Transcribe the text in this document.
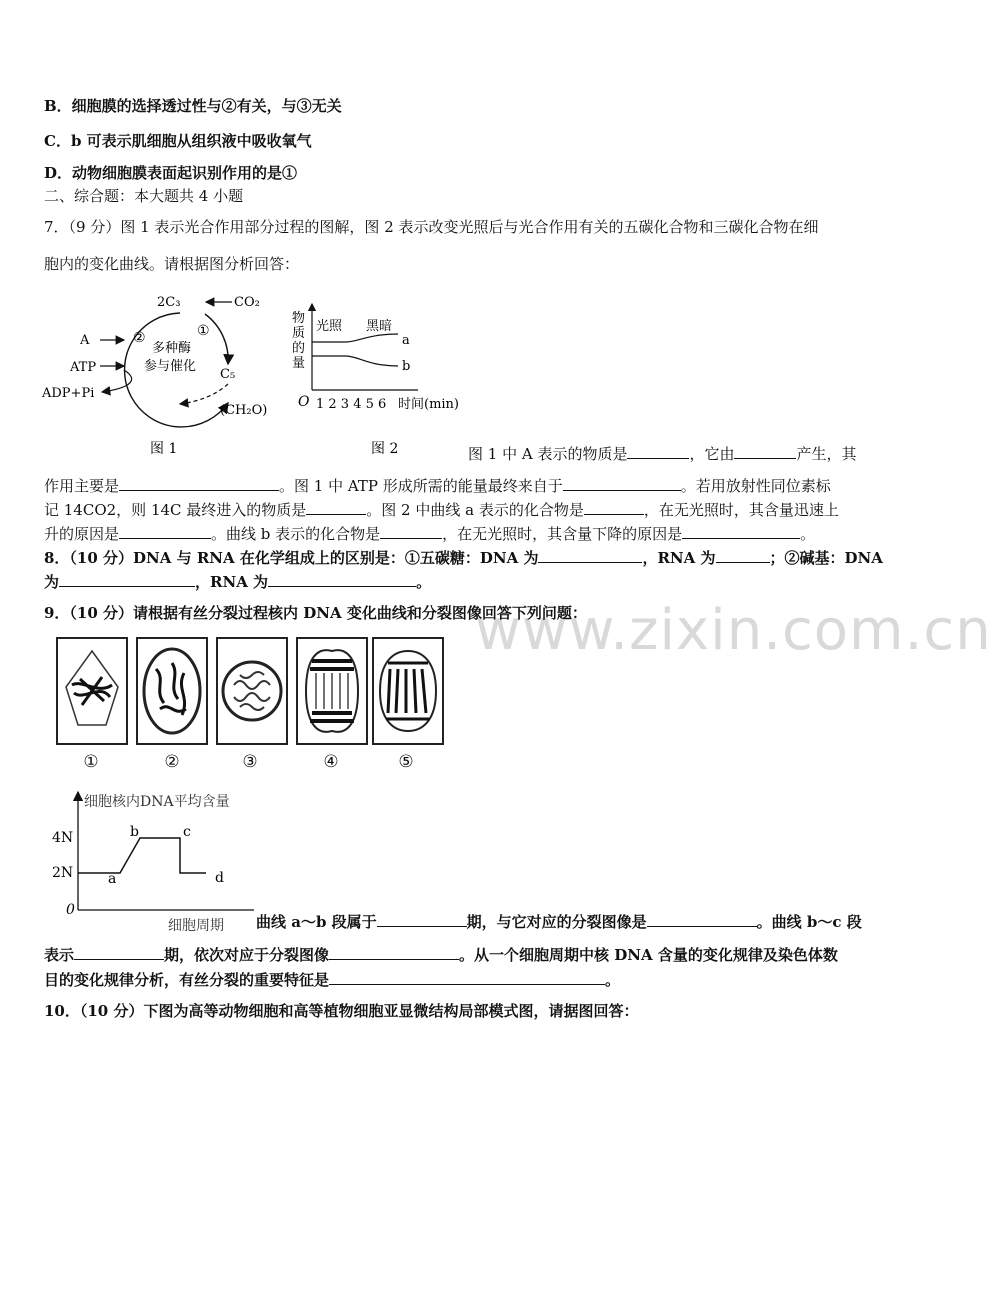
www.zixin.com.cn
B．细胞膜的选择透过性与②有关，与③无关
C．b 可表示肌细胞从组织液中吸收氧气
D．动物细胞膜表面起识别作用的是①
二、综合题：本大题共 4 小题
7．（9 分）图 1 表示光合作用部分过程的图解，图 2 表示改变光照后与光合作用有关的五碳化合物和三碳化合物在细
胞内的变化曲线。请根据图分析回答：
2C₃	CO₂
②	①
A
ATP
ADP+Pi
多种酶
参与催化
C₅
(CH₂O)
图 1
物
质
的
量
光照 黑暗
a
b
O 1 2 3 4 5 6 时间(min)
图 2	图 1 中 A 表示的物质是	，它由	产生，其
作用主要是	。图 1 中 ATP 形成所需的能量最终来自于	。若用放射性同位素标
记 14CO2，则 14C 最终进入的物质是	。图 2 中曲线 a 表示的化合物是	，在无光照时，其含量迅速上
升的原因是	。曲线 b 表示的化合物是	，在无光照时，其含量下降的原因是	。
8．（10 分）DNA 与 RNA 在化学组成上的区别是：①五碳糖：DNA 为	，RNA 为	；②碱基：DNA
为	，RNA 为	。
9．（10 分）请根据有丝分裂过程核内 DNA 变化曲线和分裂图像回答下列问题：
①	②	③	④	⑤
细胞核内DNA平均含量
4N
2N
0
a
b	c
d
细胞周期 曲线 a～b 段属于	期，与它对应的分裂图像是	。曲线 b～c 段
表示	期，依次对应于分裂图像	。从一个细胞周期中核 DNA 含量的变化规律及染色体数
目的变化规律分析，有丝分裂的重要特征是	。
10．（10 分）下图为高等动物细胞和高等植物细胞亚显微结构局部模式图，请据图回答：
